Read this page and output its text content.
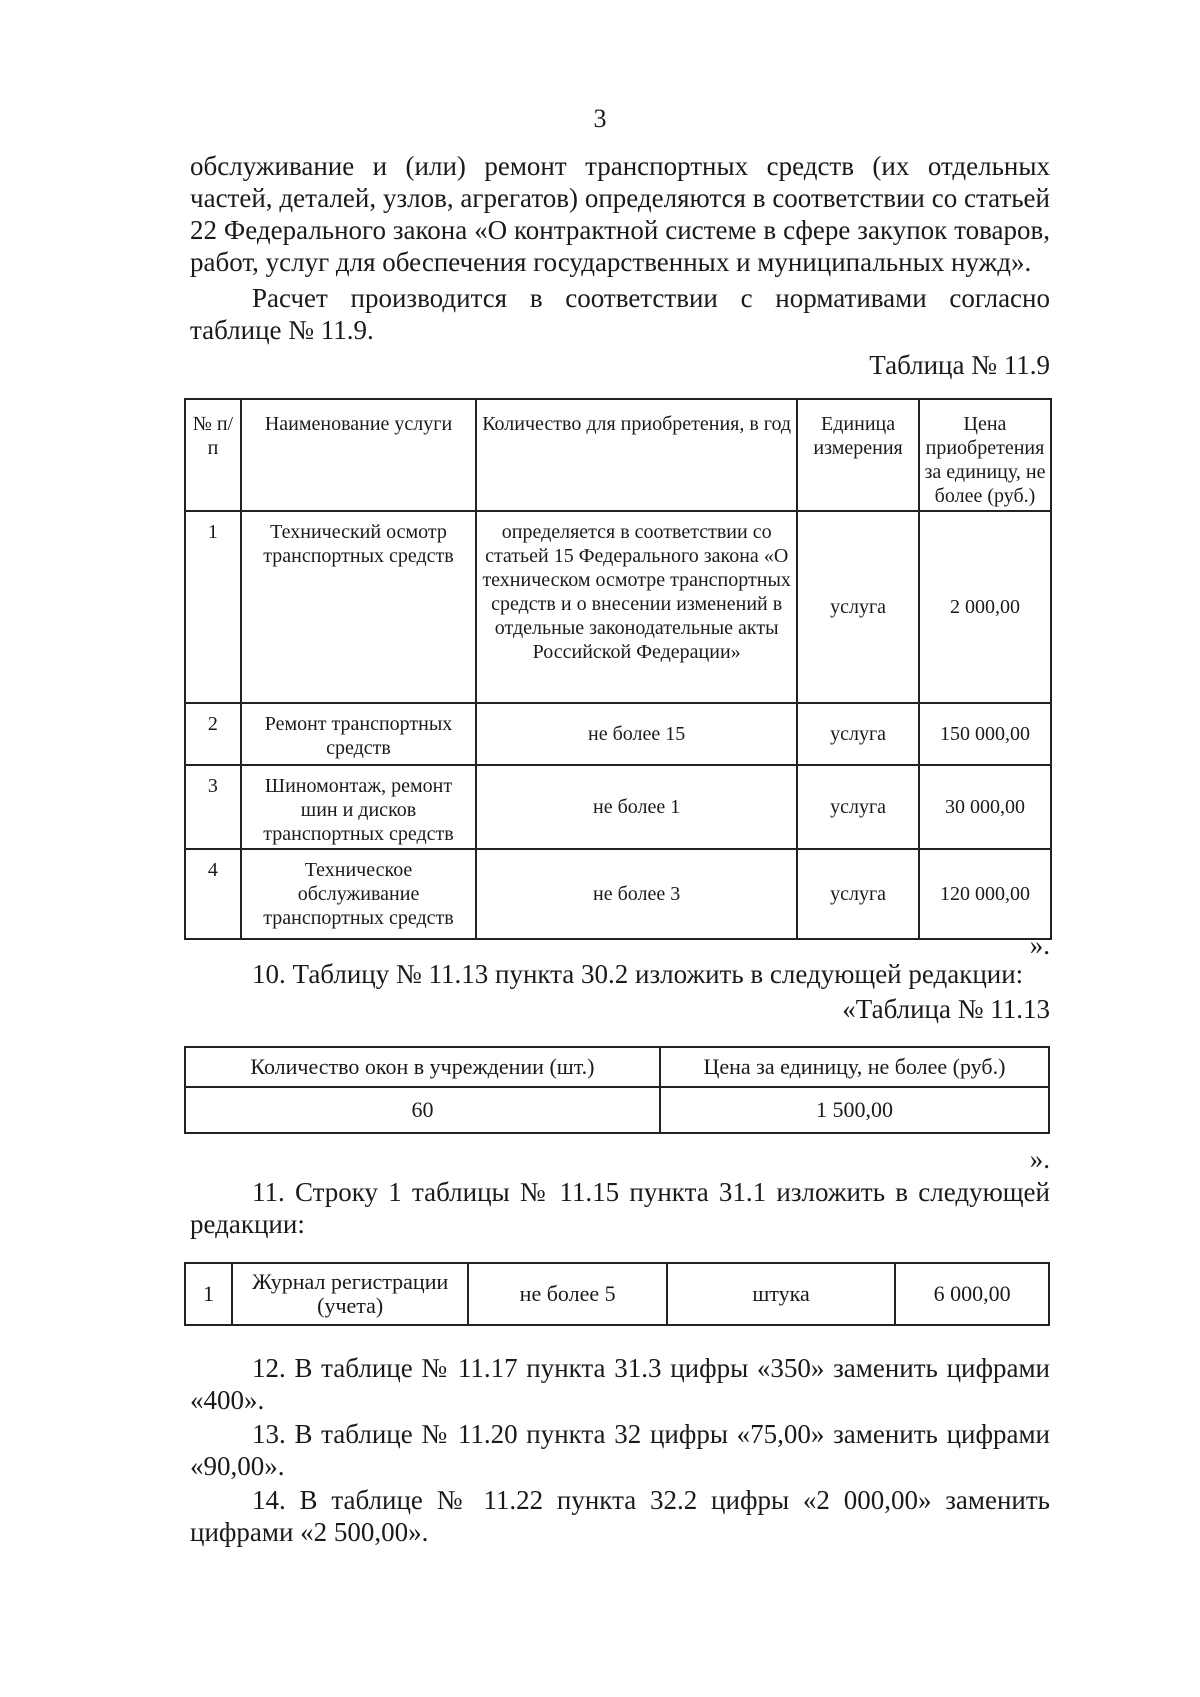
3
обслуживание и (или) ремонт транспортных средств (их отдельных частей, деталей, узлов, агрегатов) определяются в соответствии со статьей 22 Федерального закона «О контрактной системе в сфере закупок товаров, работ, услуг для обеспечения государственных и муниципальных нужд».
Расчет производится в соответствии с нормативами согласно таблице № 11.9.
Таблица № 11.9
№ п/п	Наименование услуги	Количество для приобретения, в год	Единица измерения	Цена приобретения за единицу, не более (руб.)
1	Технический осмотр транспортных средств	определяется в соответствии со статьей 15 Федерального закона «О техническом осмотре транспортных средств и о внесении изменений в отдельные законодательные акты Российской Федерации»	услуга	2 000,00
2	Ремонт транспортных средств	не более 15	услуга	150 000,00
3	Шиномонтаж, ремонт шин и дисков транспортных средств	не более 1	услуга	30 000,00
4	Техническое обслуживание транспортных средств	не более 3	услуга	120 000,00
».
10. Таблицу № 11.13 пункта 30.2 изложить в следующей редакции:
«Таблица № 11.13
Количество окон в учреждении (шт.)	Цена за единицу, не более (руб.)
60	1 500,00
».
11. Строку 1 таблицы № 11.15 пункта 31.1 изложить в следующей редакции:
1	Журнал регистрации (учета)	не более 5	штука	6 000,00
12. В таблице № 11.17 пункта 31.3 цифры «350» заменить цифрами «400».
13. В таблице № 11.20 пункта 32 цифры «75,00» заменить цифрами «90,00».
14. В таблице № 11.22 пункта 32.2 цифры «2 000,00» заменить цифрами «2 500,00».
